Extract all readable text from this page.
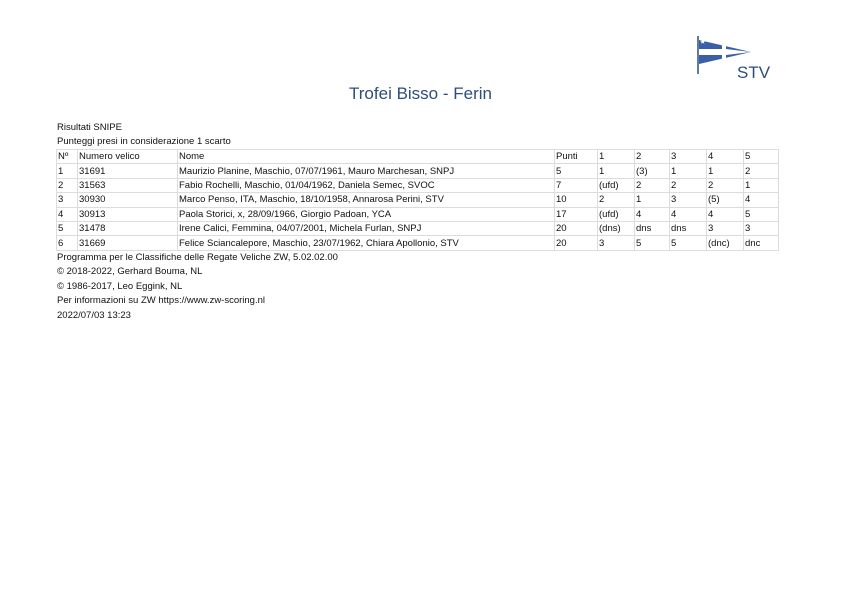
STV
Trofei Bisso - Ferin
Risultati SNIPE
Punteggi presi in considerazione 1 scarto
Nº	Numero velico	Nome	Punti	1	2	3	4	5
1	31691	Maurizio Planine, Maschio, 07/07/1961, Mauro Marchesan, SNPJ	5	1	(3)	1	1	2
2	31563	Fabio Rochelli, Maschio, 01/04/1962, Daniela Semec, SVOC	7	(ufd)	2	2	2	1
3	30930	Marco Penso, ITA, Maschio, 18/10/1958, Annarosa Perini, STV	10	2	1	3	(5)	4
4	30913	Paola Storici, x, 28/09/1966, Giorgio Padoan, YCA	17	(ufd)	4	4	4	5
5	31478	Irene Calici, Femmina, 04/07/2001, Michela Furlan, SNPJ	20	(dns)	dns	dns	3	3
6	31669	Felice Sciancalepore, Maschio, 23/07/1962, Chiara Apollonio, STV	20	3	5	5	(dnc)	dnc
Programma per le Classifiche delle Regate Veliche ZW, 5.02.02.00
© 2018-2022, Gerhard Bouma, NL
© 1986-2017, Leo Eggink, NL
Per informazioni su ZW https://www.zw-scoring.nl
2022/07/03 13:23
